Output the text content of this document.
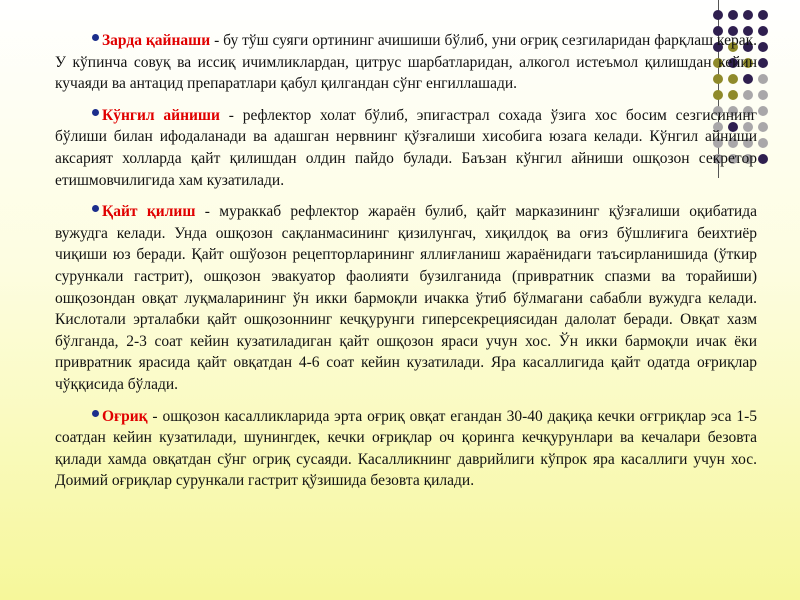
Зарда қайнаши - бу тўш суяги ортининг ачишиши бўлиб, уни оғриқ сезгиларидан фарқлаш керак. У кўпинча совуқ ва иссиқ ичимликлардан, цитрус шарбатларидан, алкогол истеъмол қилишдан кейин кучаяди ва антацид препаратлари қабул қилгандан сўнг енгиллашади.

Кўнгил айниши - рефлектор холат бўлиб, эпигастрал сохада ўзига хос босим сезгисининг бўлиши билан ифодаланади ва адашган нервнинг қўзғалиши хисобига юзага келади. Кўнгил айниши аксарият холларда қайт қилишдан олдин пайдо булади. Баъзан кўнгил айниши ошқозон секретор етишмовчилигида хам кузатилади.

Қайт қилиш - мураккаб рефлектор жараён булиб, қайт марказининг қўзғалиши оқибатида вужудга келади. Унда ошқозон сақланмасининг қизилунгач, хиқилдоқ ва оғиз бўшлиғига беихтиёр чиқиши юз беради. Қайт ошўозон рецепторларининг яллиғланиш жараёнидаги таъсирланишида (ўткир сурункали гастрит), ошқозон эвакуатор фаолияти бузилганида (привратник спазми ва торайиши) ошқозондан овқат луқмаларининг ўн икки бармоқли ичакка ўтиб бўлмагани сабабли вужудга келади. Кислотали эрталабки қайт ошқозоннинг кечқурунги гиперсекрециясидан далолат беради. Овқат хазм бўлганда, 2-3 соат кейин кузатиладиган қайт ошқозон яраси учун хос. Ўн икки бармоқли ичак ёки привратник ярасида қайт овқатдан 4-6 соат кейин кузатилади. Яра касаллигида қайт одатда оғриқлар чўққисида бўлади.

Оғриқ - ошқозон касалликларида эрта оғриқ овқат егандан 30-40 дақиқа кечки оғгриқлар эса 1-5 соатдан кейин кузатилади, шунингдек, кечки оғриқлар оч қоринга кечқурунлари ва кечалари безовта қилади хамда овқатдан сўнг огриқ сусаяди. Касалликнинг даврийлиги кўпрок яра касаллиги учун хос. Доимий оғриқлар сурункали гастрит қўзишида безовта қилади.
